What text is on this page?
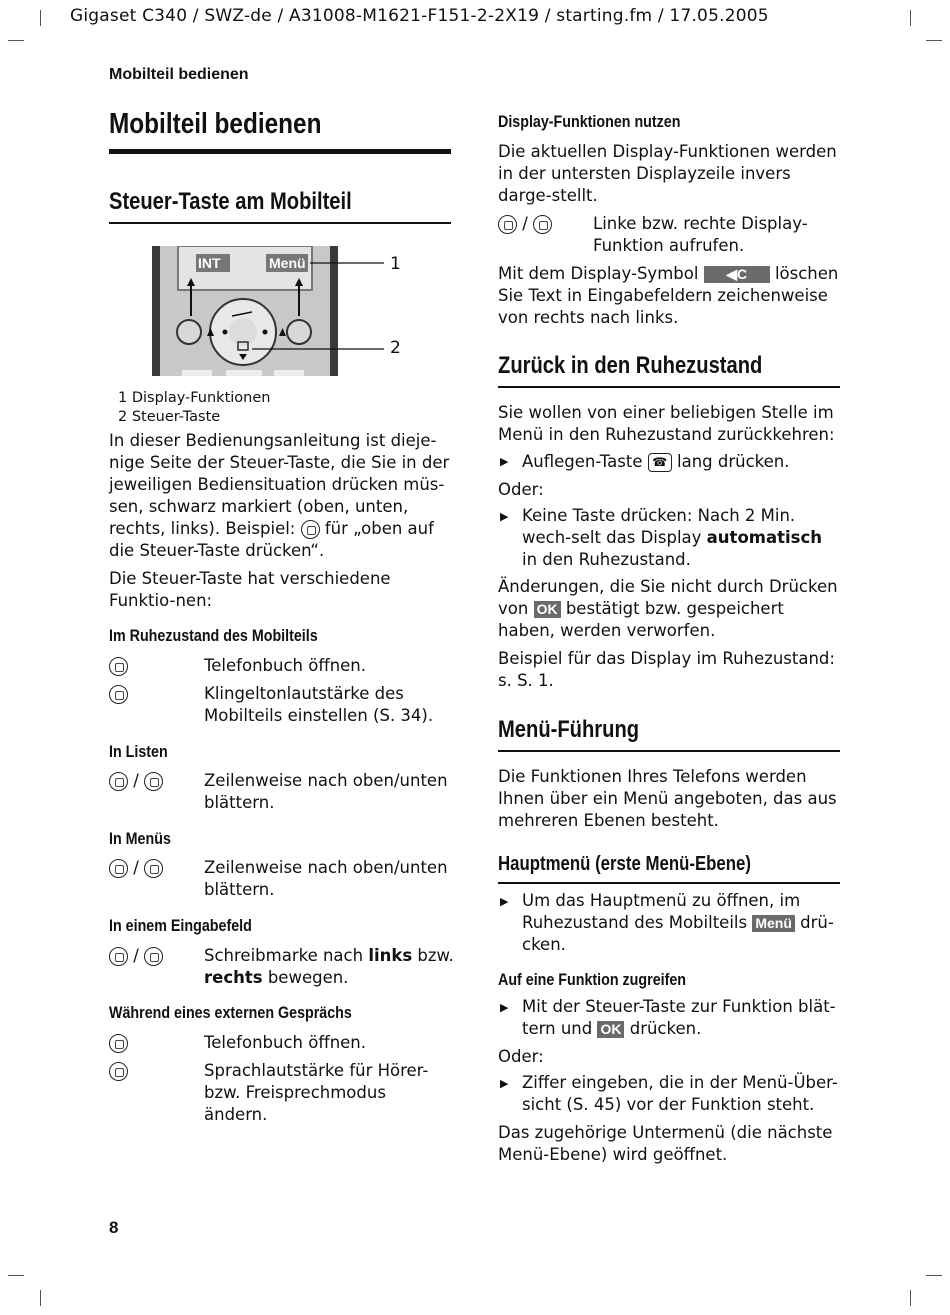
Gigaset C340 / SWZ-de / A31008-M1621-F151-2-2X19 / starting.fm / 17.05.2005
Mobilteil bedienen
Mobilteil bedienen
Steuer-Taste am Mobilteil
INT	Menü	1
2
1 Display-Funktionen
2 Steuer-Taste

In dieser Bedienungsanleitung ist dieje-nige Seite der Steuer-Taste, die Sie in der jeweiligen Bediensituation drücken müs-sen, schwarz markiert (oben, unten, rechts, links). Beispiel: für „oben auf die Steuer-Taste drücken“.

Die Steuer-Taste hat verschiedene Funktio-nen:

Im Ruhezustand des Mobilteils
Telefonbuch öffnen.
Klingeltonlautstärke des Mobilteils einstellen (S. 34).
In Listen
/	Zeilenweise nach oben/unten blättern.
In Menüs
/	Zeilenweise nach oben/unten blättern.
In einem Eingabefeld
/	Schreibmarke nach links bzw. rechts bewegen.
Während eines externen Gesprächs
Telefonbuch öffnen.
Sprachlautstärke für Hörer-bzw. Freisprechmodus ändern.
8
Display-Funktionen nutzen

Die aktuellen Display-Funktionen werden in der untersten Displayzeile invers darge-stellt.

/	Linke bzw. rechte Display-Funktion aufrufen.

Mit dem Display-Symbol ◀C löschen Sie Text in Eingabefeldern zeichenweise von rechts nach links.

Zurück in den Ruhezustand

Sie wollen von einer beliebigen Stelle im Menü in den Ruhezustand zurückkehren:

▶ Auflegen-Taste ☎ lang drücken.

Oder:

▶ Keine Taste drücken: Nach 2 Min. wech-selt das Display automatisch in den Ruhezustand.

Änderungen, die Sie nicht durch Drücken von OK bestätigt bzw. gespeichert haben, werden verworfen.

Beispiel für das Display im Ruhezustand: s. S. 1.

Menü-Führung

Die Funktionen Ihres Telefons werden Ihnen über ein Menü angeboten, das aus mehreren Ebenen besteht.

Hauptmenü (erste Menü-Ebene)
▶ Um das Hauptmenü zu öffnen, im Ruhezustand des Mobilteils Menü drü-cken.

Auf eine Funktion zugreifen
▶ Mit der Steuer-Taste zur Funktion blät-tern und OK drücken.

Oder:

▶ Ziffer eingeben, die in der Menü-Über-sicht (S. 45) vor der Funktion steht.

Das zugehörige Untermenü (die nächste Menü-Ebene) wird geöffnet.
